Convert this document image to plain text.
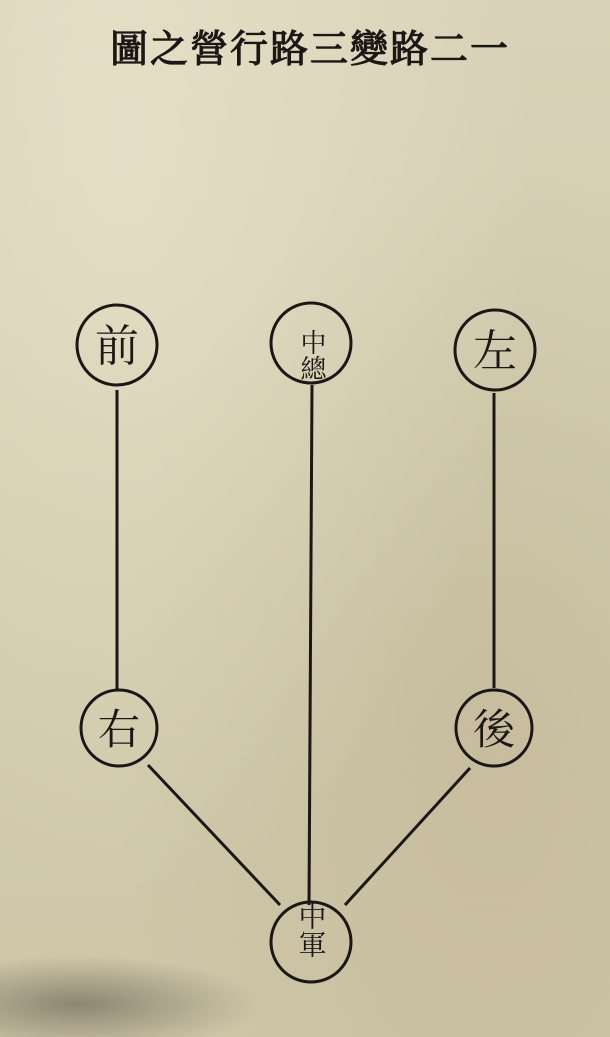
圖之營行路三變路二一
前	中總	左
右	後
中軍
